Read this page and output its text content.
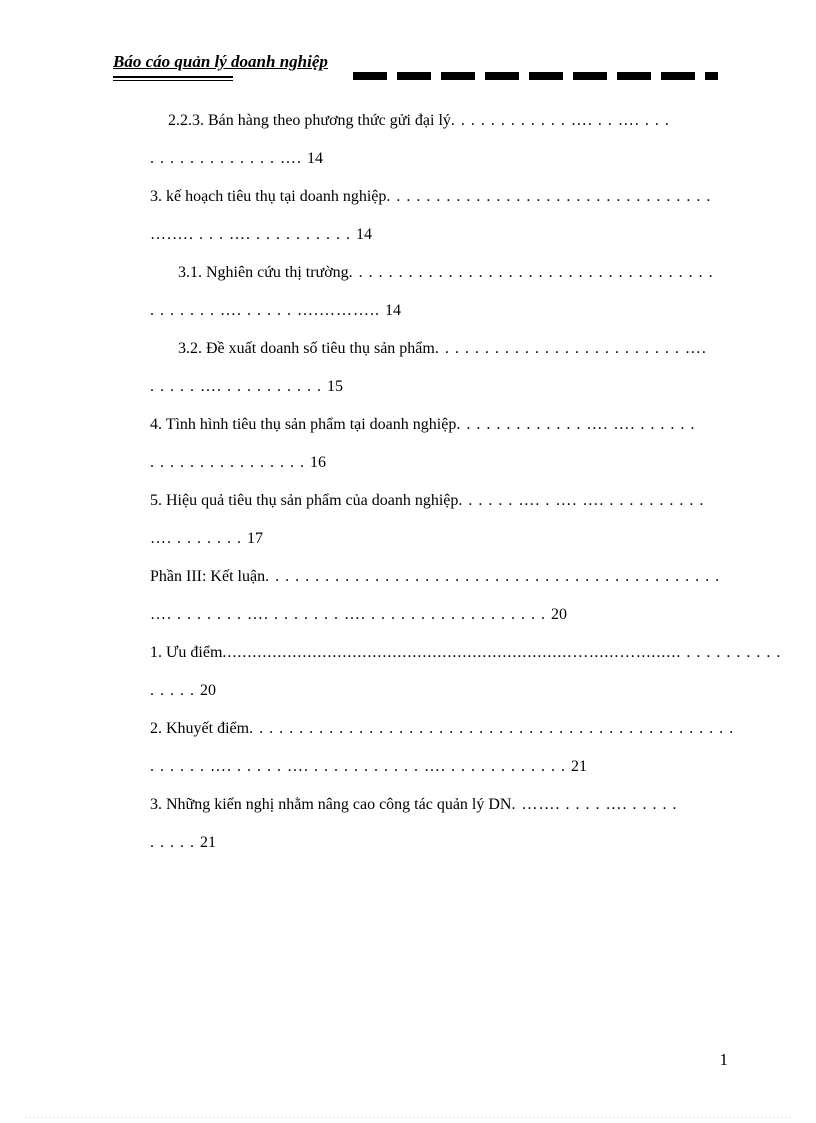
Báo cáo quản lý doanh nghiệp
2.2.3. Bán hàng theo phương thức gửi đại lý. . . . . . . . . . . . …. . . …. . . .
. . . . . . . . . . . . . …. 14
3. kế hoạch tiêu thụ tại doanh nghiệp. . . . . . . . . . . . . . . . . . . . . . . . . . . . . . . . .
….…. . . . …. . . . . . . . . . . 14
3.1. Nghiên cứu thị trường. . . . . . . . . . . . . . . . . . . . . . . . . . . . . . . . . . . . .
. . . . . . . …. . . . . . ….……….. 14
3.2. Đề xuất doanh số tiêu thụ sản phẩm. . . . . . . . . . . . . . . . . . . . . . . . . ….
. . . . . …. . . . . . . . . . . 15
4. Tình hình tiêu thụ sản phẩm tại doanh nghiệp. . . . . . . . . . . . . …. …. . . . . . .
. . . . . . . . . . . . . . . . 16
5. Hiệu quả tiêu thụ sản phẩm của doanh nghiệp. . . . . . …. . …. …. . . . . . . . . . .
…. . . . . . . . 17
Phần III: Kết luận. . . . . . . . . . . . . . . . . . . . . . . . . . . . . . . . . . . . . . . . . . . . . .
…. . . . . . . . …. . . . . . . . …. . . . . . . . . . . . . . . . . . . 20
1. Ưu điểm......................................................................…......…......... . . . . . . . . . .
. . . . . 20
2. Khuyết điểm. . . . . . . . . . . . . . . . . . . . . . . . . . . . . . . . . . . . . . . . . . . . . . . . .
. . . . . . …. . . . . . …. . . . . . . . . . . . …. . . . . . . . . . . . . 21
3. Những kiến nghị nhằm nâng cao công tác quản lý DN. ……. . . . . …. . . . . .
. . . . . 21
1
